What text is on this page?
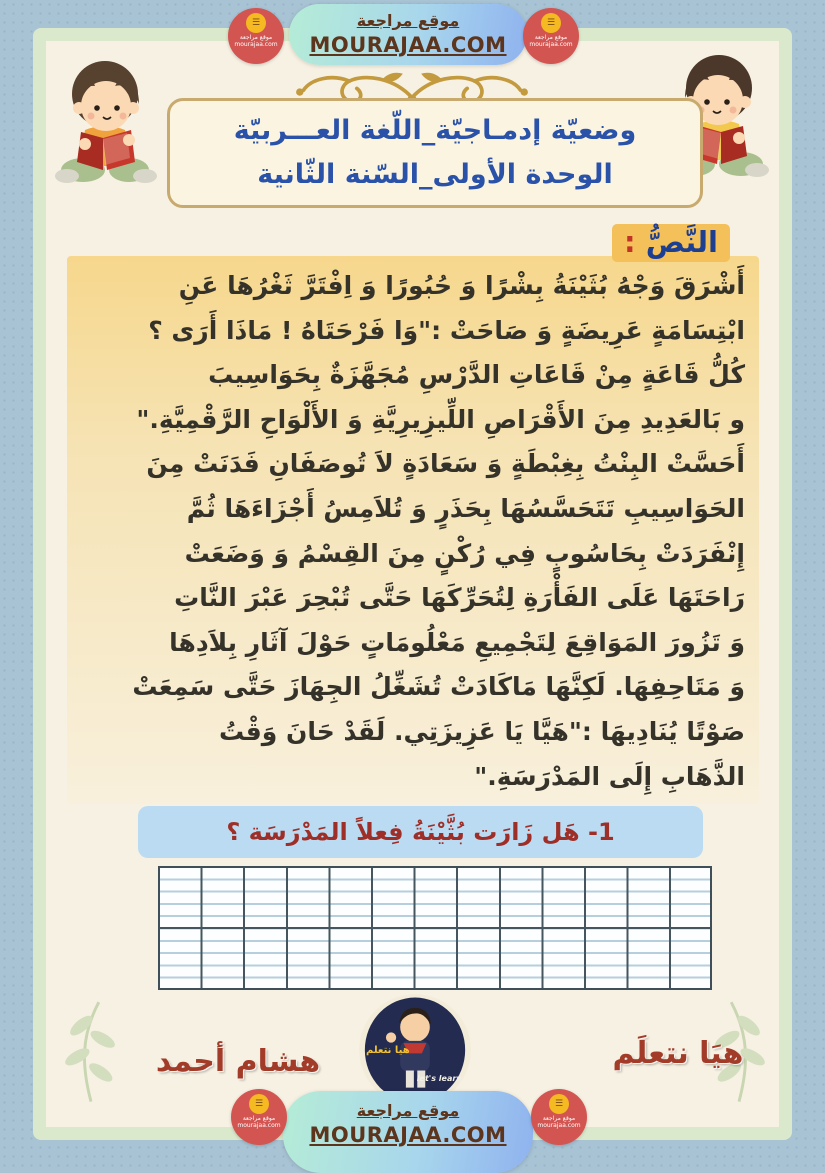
موقع مراجعة
MOURAJAA.COM
☰
موقع مراجعة
mourajaa.com
☰
موقع مراجعة
mourajaa.com
وضعيّة إدمـاجيّة_اللّغة العـــربيّة
الوحدة الأولى_السّنة الثّانية
النَّصُّ :
أَشْرَقَ وَجْهُ بُثَيْنَةُ بِشْرًا وَ حُبُورًا وَ اِفْتَرَّ ثَغْرُهَا عَنِ
ابْتِسَامَةٍ عَرِيضَةٍ وَ صَاحَتْ :"وَا فَرْحَتَاهُ ! مَاذَا أَرَى ؟
كُلُّ قَاعَةٍ مِنْ قَاعَاتِ الدَّرْسِ مُجَهَّزَةٌ بِحَوَاسِيبَ
و بَالعَدِيدِ مِنَ الأَقْرَاصِ اللِّيزِيرِيَّةِ وَ الأَلْوَاحِ الرَّقْمِيَّةِ."
أَحَسَّتْ البِنْتُ بِغِبْطَةٍ وَ سَعَادَةٍ لاَ تُوصَفَانِ فَدَنَتْ مِنَ
الحَوَاسِيبِ تَتَحَسَّسُهَا بِحَذَرٍ وَ تُلاَمِسُ أَجْزَاءَهَا ثُمَّ
إِنْفَرَدَتْ بِحَاسُوبٍ فِي رُكْنٍ مِنَ القِسْمُ وَ وَضَعَتْ
رَاحَتَهَا عَلَى الفَأْرَةِ لِتُحَرِّكَهَا حَتَّى تُبْحِرَ عَبْرَ النَّاتِ
وَ تَزُورَ المَوَاقِعَ لِتَجْمِيعِ مَعْلُومَاتٍ حَوْلَ آثَارِ بِلاَدِهَا
وَ مَتَاحِفِهَا. لَكِنَّهَا مَاكَادَتْ تُشَغِّلُ الجِهَازَ حَتَّى سَمِعَتْ
صَوْتًا يُنَادِيهَا :"هَيَّا يَا عَزِيزَتِي. لَقَدْ حَانَ وَقْتُ
الذَّهَابِ إِلَى المَدْرَسَةِ."
1- هَل زَارَت بُثَّيْنَةُ فِعلاً المَدْرَسَة ؟
هشام أحمد	هيَا نتعلَم
هيا نتعلم
let's learn
موقع مراجعة
MOURAJAA.COM
☰
موقع مراجعة
mourajaa.com
☰
موقع مراجعة
mourajaa.com
